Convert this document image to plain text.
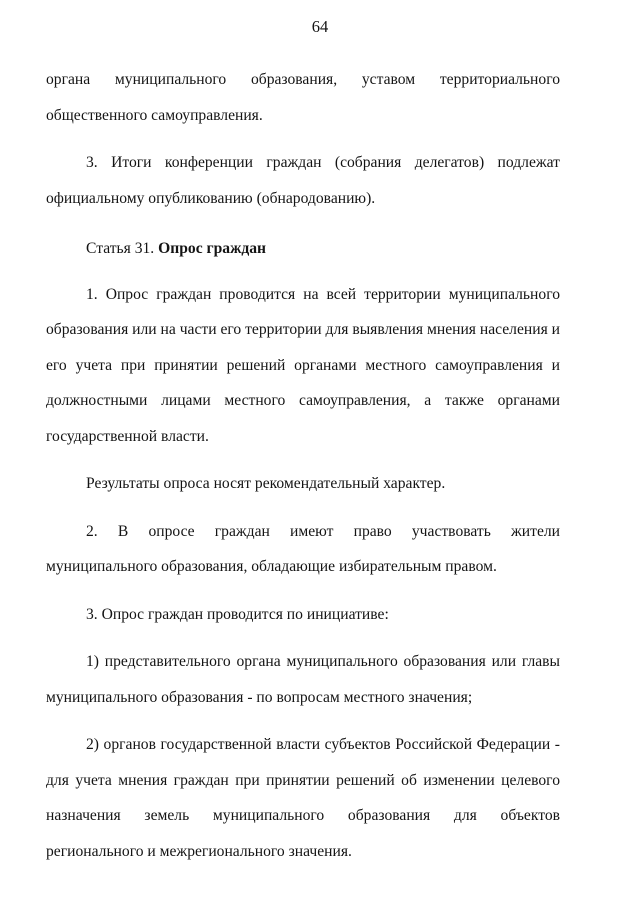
64

органа муниципального образования, уставом территориального общественного самоуправления.

3. Итоги конференции граждан (собрания делегатов) подлежат официальному опубликованию (обнародованию).

Статья 31. Опрос граждан

1. Опрос граждан проводится на всей территории муниципального образования или на части его территории для выявления мнения населения и его учета при принятии решений органами местного самоуправления и должностными лицами местного самоуправления, а также органами государственной власти.

Результаты опроса носят рекомендательный характер.

2. В опросе граждан имеют право участвовать жители муниципального образования, обладающие избирательным правом.

3. Опрос граждан проводится по инициативе:

1) представительного органа муниципального образования или главы муниципального образования - по вопросам местного значения;

2) органов государственной власти субъектов Российской Федерации - для учета мнения граждан при принятии решений об изменении целевого назначения земель муниципального образования для объектов регионального и межрегионального значения.
